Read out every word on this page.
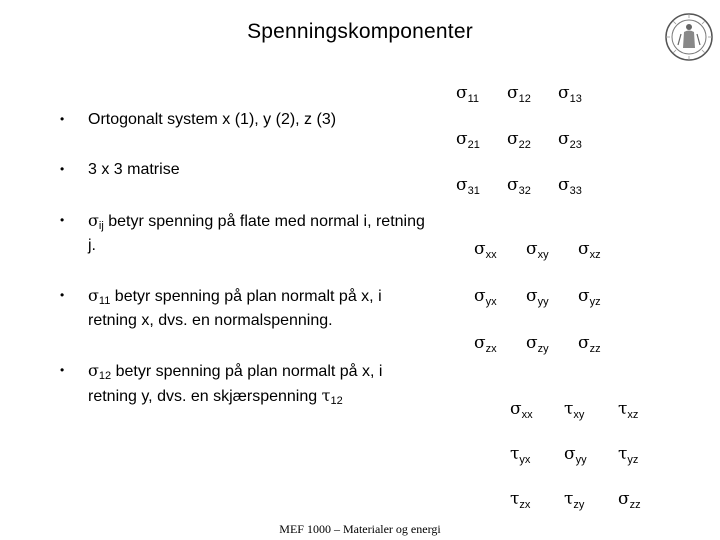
Spenningskomponenter
• Ortogonalt system x (1), y (2), z (3)
• 3 x 3 matrise
• $\sigma_{ij}$ betyr spenning på flate med normal i, retning j.
• $\sigma_{11}$ betyr spenning på plan normalt på x, i retning x, dvs. en normalspenning.
• $\sigma_{12}$ betyr spenning på plan normalt på x, i retning y, dvs. en skjærspenning $\tau_{12}$
MEF 1000 – Materialer og energi
$\sigma_{11}$ $\sigma_{12}$ $\sigma_{13}$
$\sigma_{21}$ $\sigma_{22}$ $\sigma_{23}$
$\sigma_{31}$ $\sigma_{32}$ $\sigma_{33}$
$\sigma_{xx}$ $\sigma_{xy}$ $\sigma_{xz}$
$\sigma_{yx}$ $\sigma_{yy}$ $\sigma_{yz}$
$\sigma_{zx}$ $\sigma_{zy}$ $\sigma_{zz}$
$\sigma_{xx}$ $\tau_{xy}$ $\tau_{xz}$
$\tau_{yx}$ $\sigma_{yy}$ $\tau_{yz}$
$\tau_{zx}$ $\tau_{zy}$ $\sigma_{zz}$
